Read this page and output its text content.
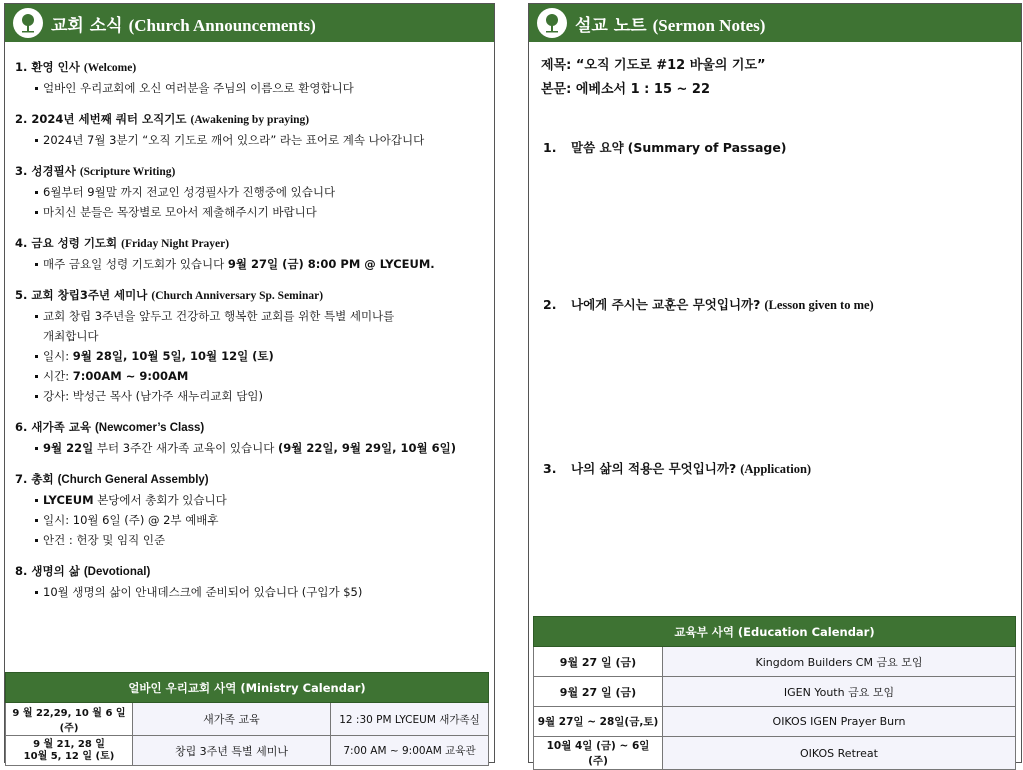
교회 소식 (Church Announcements)
1. 환영 인사 (Welcome)
얼바인 우리교회에 오신 여러분을 주님의 이름으로 환영합니다
2. 2024년 세번째 쿼터 오직기도 (Awakening by praying)
2024년 7월 3분기 “오직 기도로 깨어 있으라” 라는 표어로 계속 나아갑니다
3. 성경필사 (Scripture Writing)
6월부터 9월말 까지 전교인 성경필사가 진행중에 있습니다
마치신 분들은 목장별로 모아서 제출해주시기 바랍니다
4. 금요 성령 기도회 (Friday Night Prayer)
매주 금요일 성령 기도회가 있습니다 9월 27일 (금) 8:00 PM @ LYCEUM.
5. 교회 창립3주년 세미나 (Church Anniversary Sp. Seminar)
교회 창립 3주년을 앞두고 건강하고 행복한 교회를 위한 특별 세미나를
개최합니다
일시: 9월 28일, 10월 5일, 10월 12일 (토)
시간: 7:00AM ~ 9:00AM
강사: 박성근 목사 (남가주 새누리교회 담임)
6. 새가족 교육 (Newcomer’s Class)
9월 22일 부터 3주간 새가족 교육이 있습니다 (9월 22일, 9월 29일, 10월 6일)
7. 총회 (Church General Assembly)
LYCEUM 본당에서 총회가 있습니다
일시: 10월 6일 (주) @ 2부 예배후
안건 : 헌장 및 임직 인준
8. 생명의 삶 (Devotional)
10월 생명의 삶이 안내데스크에 준비되어 있습니다 (구입가 $5)
얼바인 우리교회 사역 (Ministry Calendar)		
9 월 22,29, 10 월 6 일(주)	새가족 교육	12 :30 PM LYCEUM 새가족실
9 월 21, 28 일
10월 5, 12 일 (토)	창립 3주년 특별 세미나	7:00 AM ~ 9:00AM 교육관
설교 노트 (Sermon Notes)
제목: “오직 기도로 #12 바울의 기도”
본문: 에베소서 1 : 15 ~ 22
1.	말씀 요약 (Summary of Passage)
2.	나에게 주시는 교훈은 무엇입니까? (Lesson given to me)
3.	나의 삶의 적용은 무엇입니까? (Application)
교육부 사역 (Education Calendar)	
9월 27 일 (금)	Kingdom Builders CM 금요 모임
9월 27 일 (금)	IGEN Youth 금요 모임
9월 27일 ~ 28일(금,토)	OIKOS IGEN Prayer Burn
10월 4일 (금) ~ 6일 (주)	OIKOS Retreat
